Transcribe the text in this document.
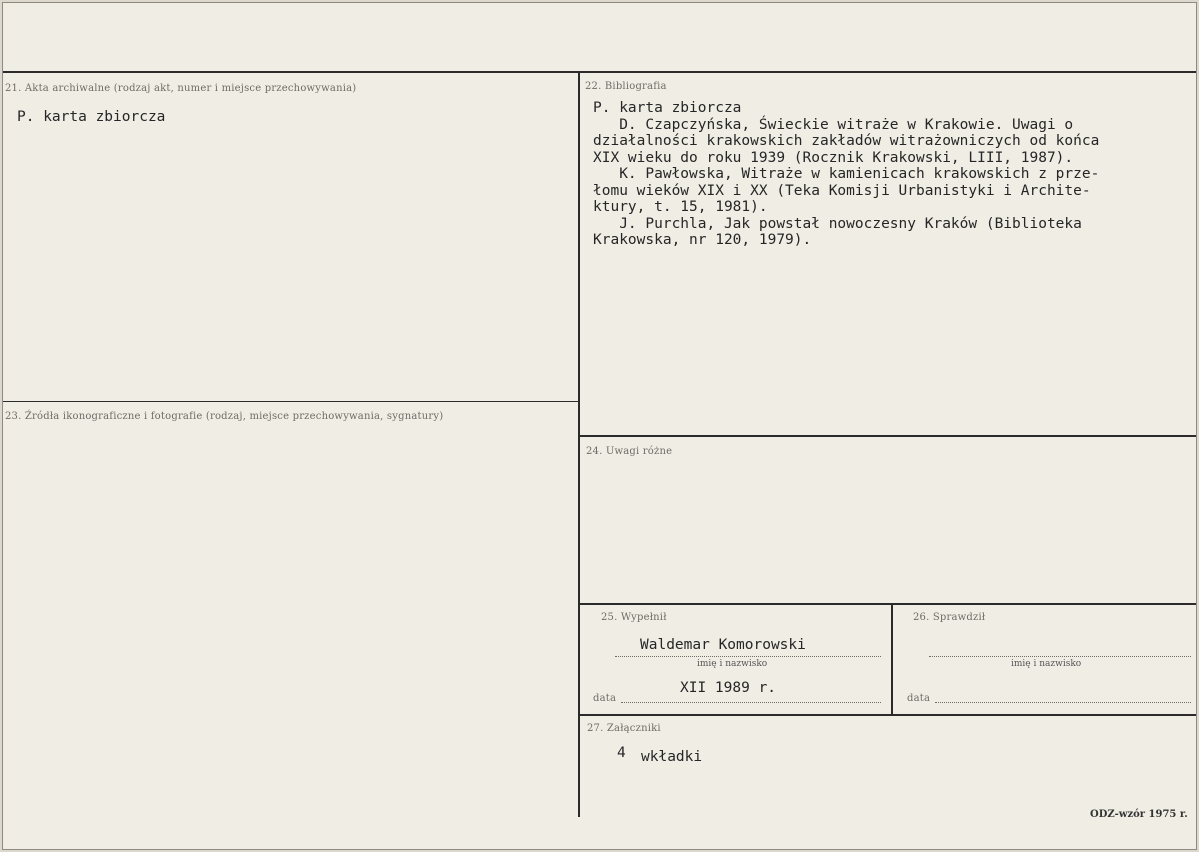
21. Akta archiwalne (rodzaj akt, numer i miejsce przechowywania)
P. karta zbiorcza
22. Bibliografia
P. karta zbiorcza
D. Czapczyńska, Świeckie witraże w Krakowie. Uwagi o
działalności krakowskich zakładów witrażowniczych od końca
XIX wieku do roku 1939 (Rocznik Krakowski, LIII, 1987).
K. Pawłowska, Witraże w kamienicach krakowskich z prze-
łomu wieków XIX i XX (Teka Komisji Urbanistyki i Archite-
ktury, t. 15, 1981).
J. Purchla, Jak powstał nowoczesny Kraków (Biblioteka
Krakowska, nr 120, 1979).
23. Źródła ikonograficzne i fotografie (rodzaj, miejsce przechowywania, sygnatury)
24. Uwagi różne
25. Wypełnił
Waldemar Komorowski
imię i nazwisko
XII 1989 r.
data
26. Sprawdził
imię i nazwisko
data
27. Załączniki
4 wkładki
ODZ-wzór 1975 r.
